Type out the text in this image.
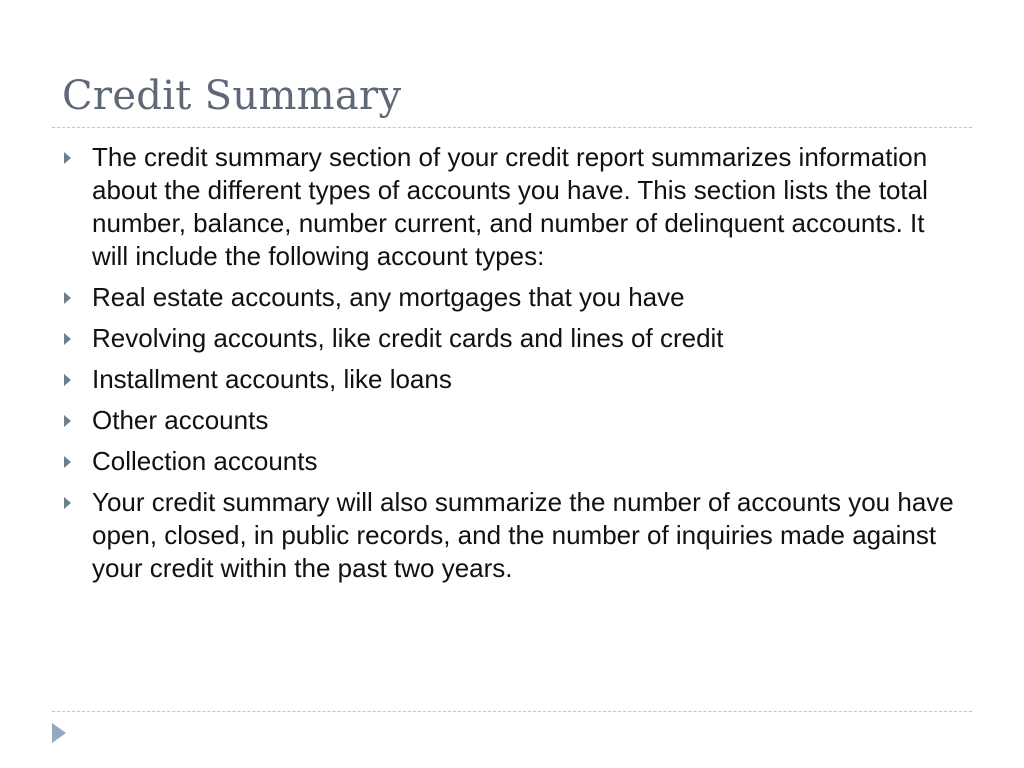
Credit Summary
The credit summary section of your credit report summarizes information about the different types of accounts you have. This section lists the total number, balance, number current, and number of delinquent accounts. It will include the following account types:
Real estate accounts, any mortgages that you have
Revolving accounts, like credit cards and lines of credit
Installment accounts, like loans
Other accounts
Collection accounts
Your credit summary will also summarize the number of accounts you have open, closed, in public records, and the number of inquiries made against your credit within the past two years.
